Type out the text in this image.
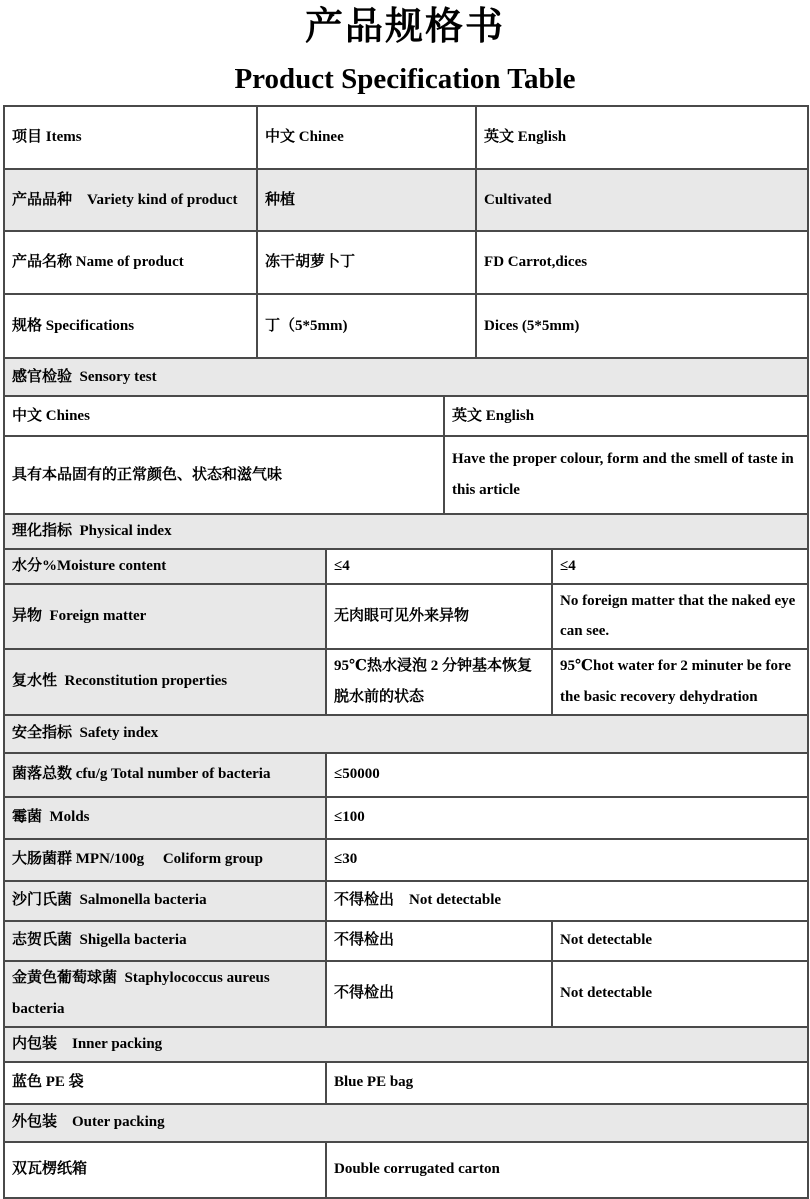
产品规格书
Product Specification Table
项目 Items	中文 Chinee			英文 English	
产品品种　Variety kind of product	种植			Cultivated	
产品名称 Name of product	冻干胡萝卜丁			FD Carrot,dices	
规格 Specifications	丁（5*5mm)			Dices (5*5mm)	
感官检验  Sensory test					
中文 Chines			英文 English		
具有本品固有的正常颜色、状态和滋气味			Have the proper colour, form and the smell of taste in this article		
理化指标  Physical index					
水分%Moisture content		≤4			≤4
异物  Foreign matter		无肉眼可见外来异物			No foreign matter that the naked eye can see.
复水性  Reconstitution properties		95℃热水浸泡 2 分钟基本恢复脱水前的状态			95℃hot water for 2 minuter be fore the basic recovery dehydration
安全指标  Safety index					
菌落总数 cfu/g Total number of bacteria		≤50000			
霉菌  Molds		≤100			
大肠菌群 MPN/100g　 Coliform group		≤30			
沙门氏菌  Salmonella bacteria		不得检出　Not detectable			
志贺氏菌  Shigella bacteria		不得检出			Not detectable
金黄色葡萄球菌  Staphylococcus aureus bacteria		不得检出			Not detectable
内包装　Inner packing					
蓝色 PE 袋		Blue PE bag			
外包装　Outer packing					
双瓦楞纸箱		Double corrugated carton			
